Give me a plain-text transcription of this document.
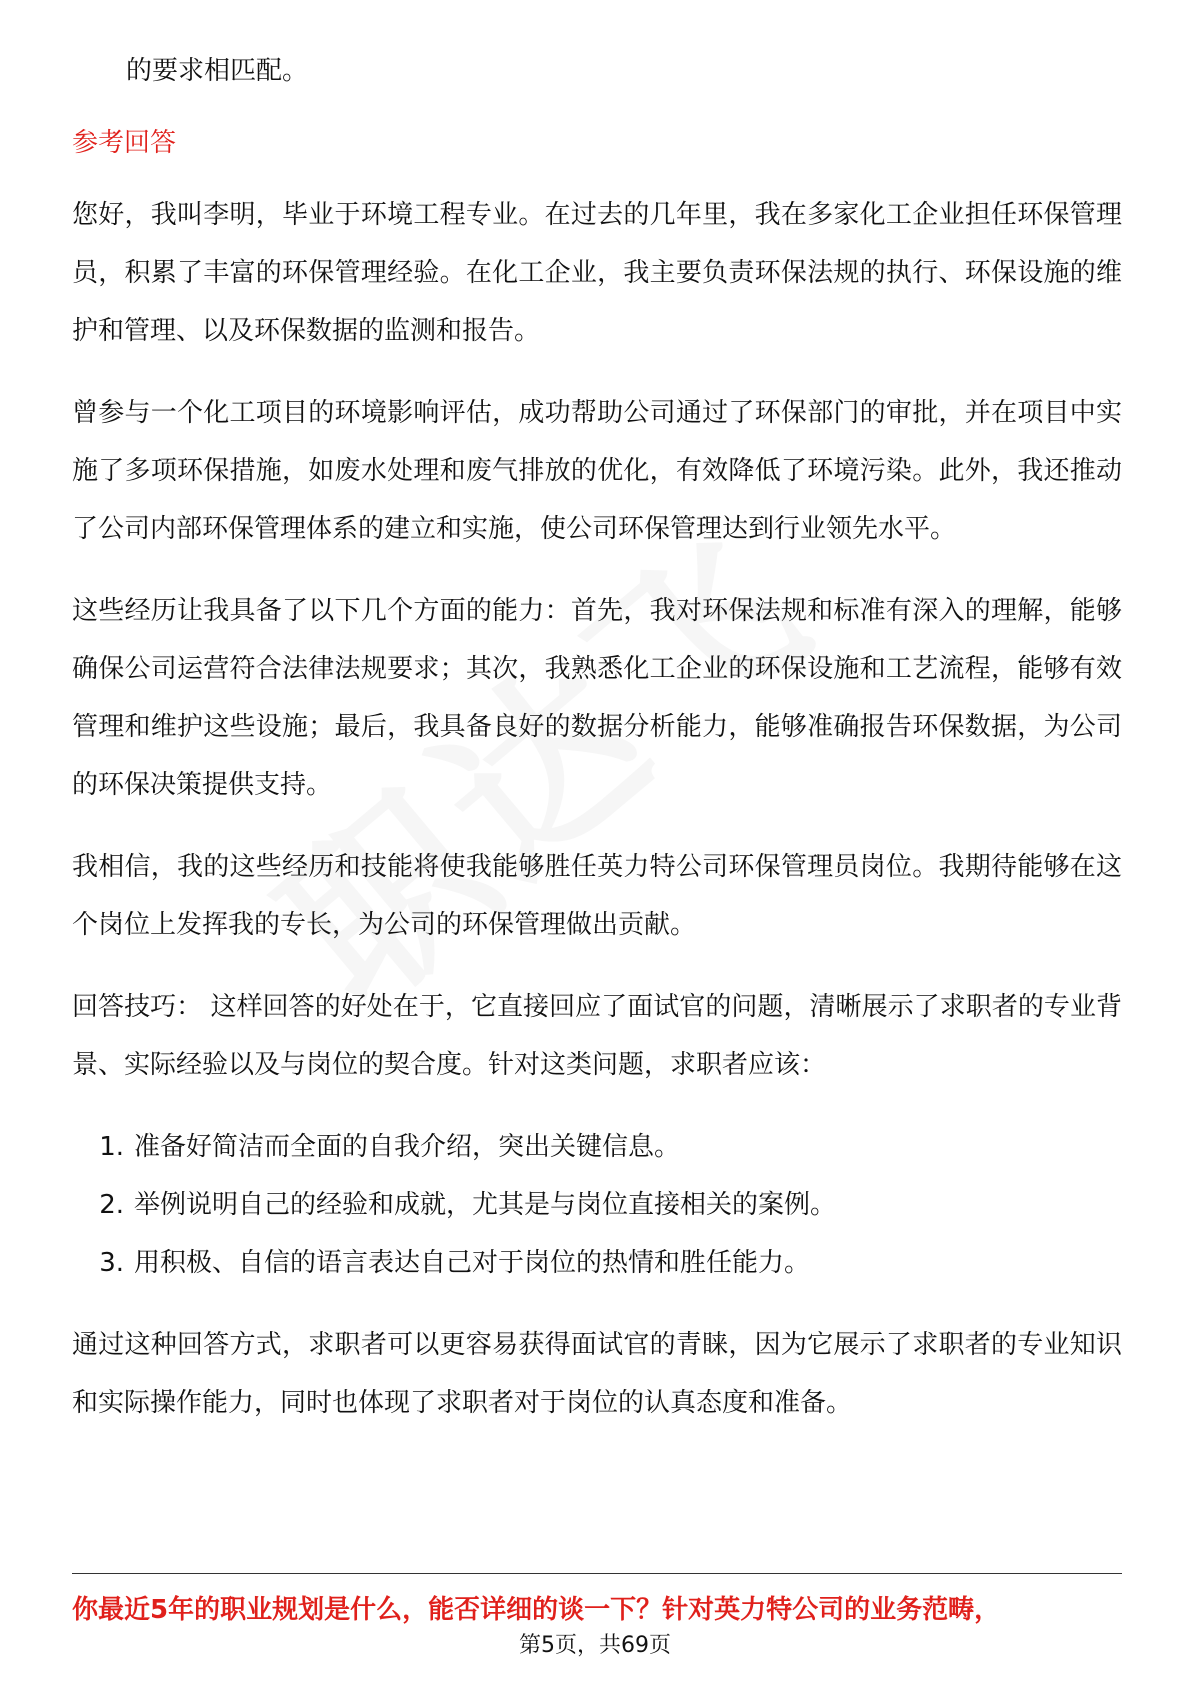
的要求相匹配。

参考回答

您好，我叫李明，毕业于环境工程专业。在过去的几年里，我在多家化工企业担任环保管理员，积累了丰富的环保管理经验。在化工企业，我主要负责环保法规的执行、环保设施的维护和管理、以及环保数据的监测和报告。

曾参与一个化工项目的环境影响评估，成功帮助公司通过了环保部门的审批，并在项目中实施了多项环保措施，如废水处理和废气排放的优化，有效降低了环境污染。此外，我还推动了公司内部环保管理体系的建立和实施，使公司环保管理达到行业领先水平。

这些经历让我具备了以下几个方面的能力：首先，我对环保法规和标准有深入的理解，能够确保公司运营符合法律法规要求；其次，我熟悉化工企业的环保设施和工艺流程，能够有效管理和维护这些设施；最后，我具备良好的数据分析能力，能够准确报告环保数据，为公司的环保决策提供支持。

我相信，我的这些经历和技能将使我能够胜任英力特公司环保管理员岗位。我期待能够在这个岗位上发挥我的专长，为公司的环保管理做出贡献。

回答技巧： 这样回答的好处在于，它直接回应了面试官的问题，清晰展示了求职者的专业背景、实际经验以及与岗位的契合度。针对这类问题，求职者应该：

1. 准备好简洁而全面的自我介绍，突出关键信息。
2. 举例说明自己的经验和成就，尤其是与岗位直接相关的案例。
3. 用积极、自信的语言表达自己对于岗位的热情和胜任能力。

通过这种回答方式，求职者可以更容易获得面试官的青睐，因为它展示了求职者的专业知识和实际操作能力，同时也体现了求职者对于岗位的认真态度和准备。

你最近5年的职业规划是什么，能否详细的谈一下？针对英力特公司的业务范畴，
第5页，共69页
